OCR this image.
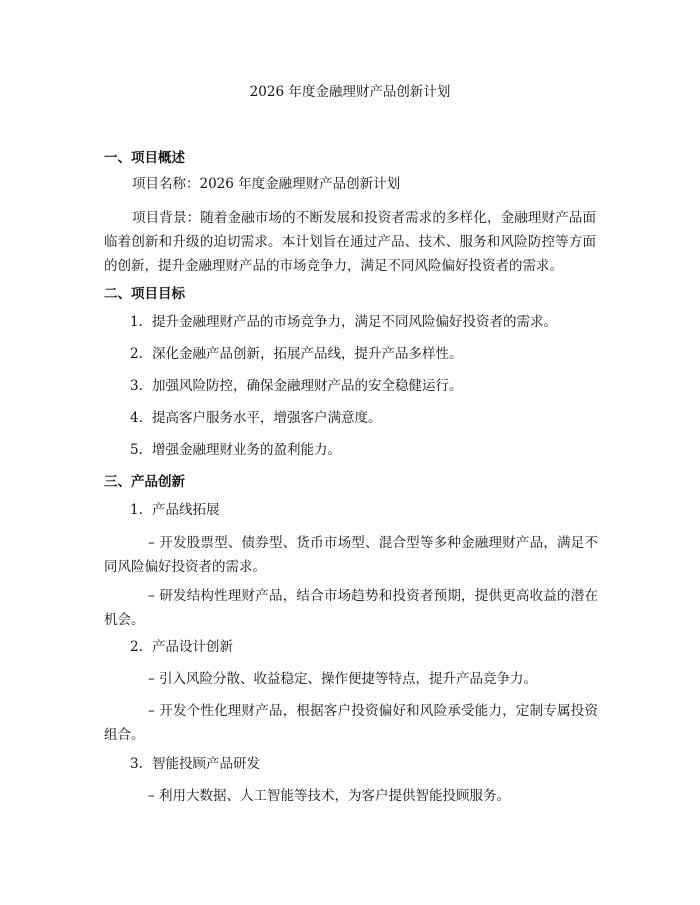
2026 年度金融理财产品创新计划
一、项目概述
项目名称：2026 年度金融理财产品创新计划
项目背景：随着金融市场的不断发展和投资者需求的多样化，金融理财产品面临着创新和升级的迫切需求。本计划旨在通过产品、技术、服务和风险防控等方面的创新，提升金融理财产品的市场竞争力，满足不同风险偏好投资者的需求。
二、项目目标
1. 提升金融理财产品的市场竞争力，满足不同风险偏好投资者的需求。
2. 深化金融产品创新，拓展产品线，提升产品多样性。
3. 加强风险防控，确保金融理财产品的安全稳健运行。
4. 提高客户服务水平，增强客户满意度。
5. 增强金融理财业务的盈利能力。
三、产品创新
1. 产品线拓展
– 开发股票型、债券型、货币市场型、混合型等多种金融理财产品，满足不同风险偏好投资者的需求。
– 研发结构性理财产品，结合市场趋势和投资者预期，提供更高收益的潜在机会。
2. 产品设计创新
– 引入风险分散、收益稳定、操作便捷等特点，提升产品竞争力。
– 开发个性化理财产品，根据客户投资偏好和风险承受能力，定制专属投资组合。
3. 智能投顾产品研发
– 利用大数据、人工智能等技术，为客户提供智能投顾服务。
